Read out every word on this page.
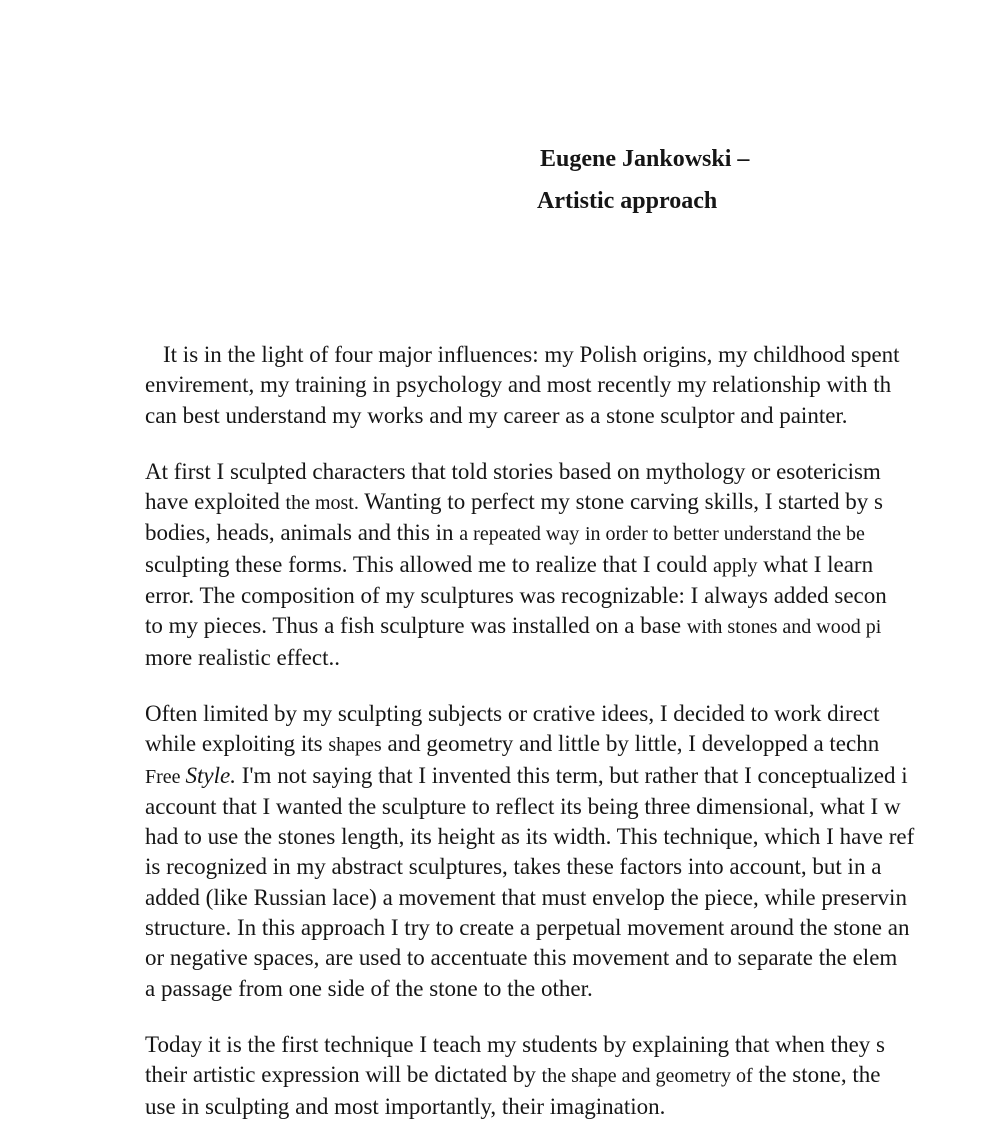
Eugene Jankowski –
Artistic approach
It is in the light of four major influences: my Polish origins, my childhood spent
envirement, my training in psychology and most recently my relationship with th
can best understand my works and my career as a stone sculptor and painter.
At first I sculpted characters that told stories based on mythology or esotericism
have exploited the most. Wanting to perfect my stone carving skills, I started by s
bodies, heads, animals and this in a repeated way in order to better understand the be
sculpting these forms. This allowed me to realize that I could apply what I learn
error. The composition of my sculptures was recognizable: I always added secon
to my pieces. Thus a fish sculpture was installed on a base with stones and wood pi
more realistic effect..
Often limited by my sculpting subjects or crative idees, I decided to work direct
while exploiting its shapes and geometry and little by little, I developped a techn
Free Style. I'm not saying that I invented this term, but rather that I conceptualized i
account that I wanted the sculpture to reflect its being three dimensional, what I w
had to use the stones length, its height as its width. This technique, which I have ref
is recognized in my abstract sculptures, takes these factors into account, but in a
added (like Russian lace) a movement that must envelop the piece, while preservin
structure. In this approach I try to create a perpetual movement around the stone an
or negative spaces, are used to accentuate this movement and to separate the elem
a passage from one side of the stone to the other.
Today it is the first technique I teach my students by explaining that when they s
their artistic expression will be dictated by the shape and geometry of the stone, the
use in sculpting and most importantly, their imagination.
